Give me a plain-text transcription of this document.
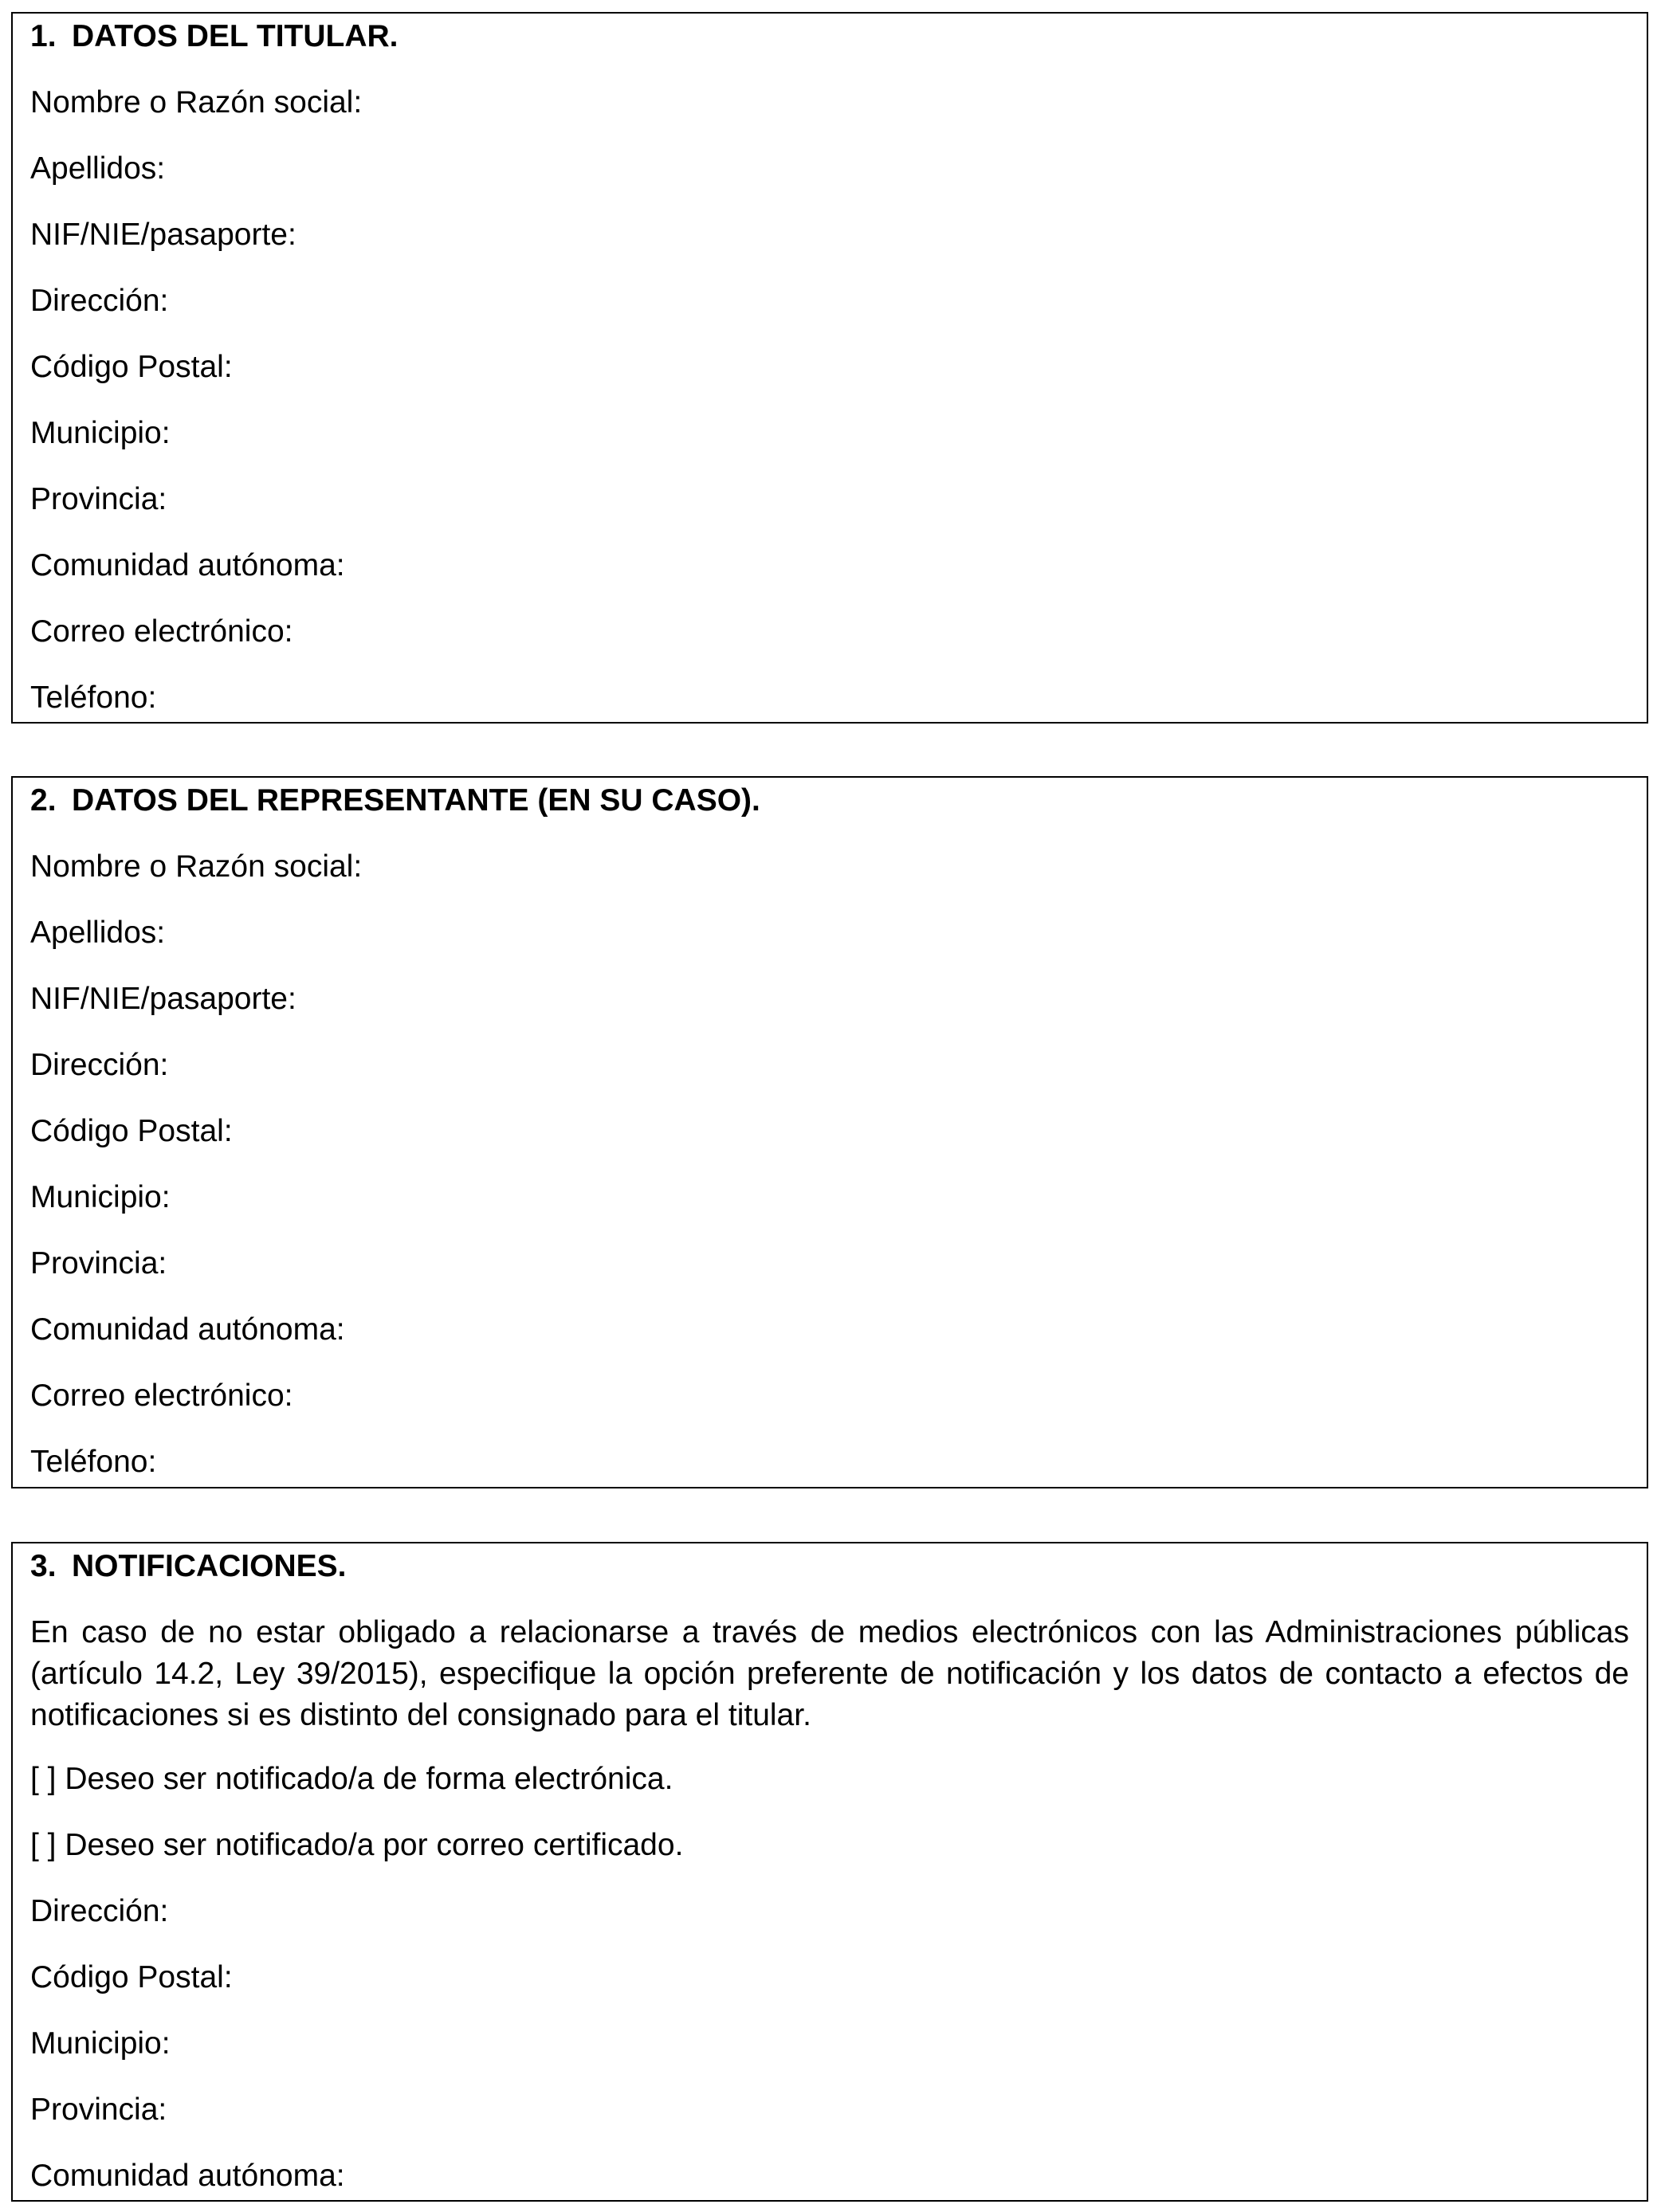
1. DATOS DEL TITULAR.
Nombre o Razón social:
Apellidos:
NIF/NIE/pasaporte:
Dirección:
Código Postal:
Municipio:
Provincia:
Comunidad autónoma:
Correo electrónico:
Teléfono:
2. DATOS DEL REPRESENTANTE (EN SU CASO).
Nombre o Razón social:
Apellidos:
NIF/NIE/pasaporte:
Dirección:
Código Postal:
Municipio:
Provincia:
Comunidad autónoma:
Correo electrónico:
Teléfono:
3. NOTIFICACIONES.
En caso de no estar obligado a relacionarse a través de medios electrónicos con las Administraciones públicas (artículo 14.2, Ley 39/2015), especifique la opción preferente de notificación y los datos de contacto a efectos de notificaciones si es distinto del consignado para el titular.
[ ] Deseo ser notificado/a de forma electrónica.
[ ] Deseo ser notificado/a por correo certificado.
Dirección:
Código Postal:
Municipio:
Provincia:
Comunidad autónoma:
